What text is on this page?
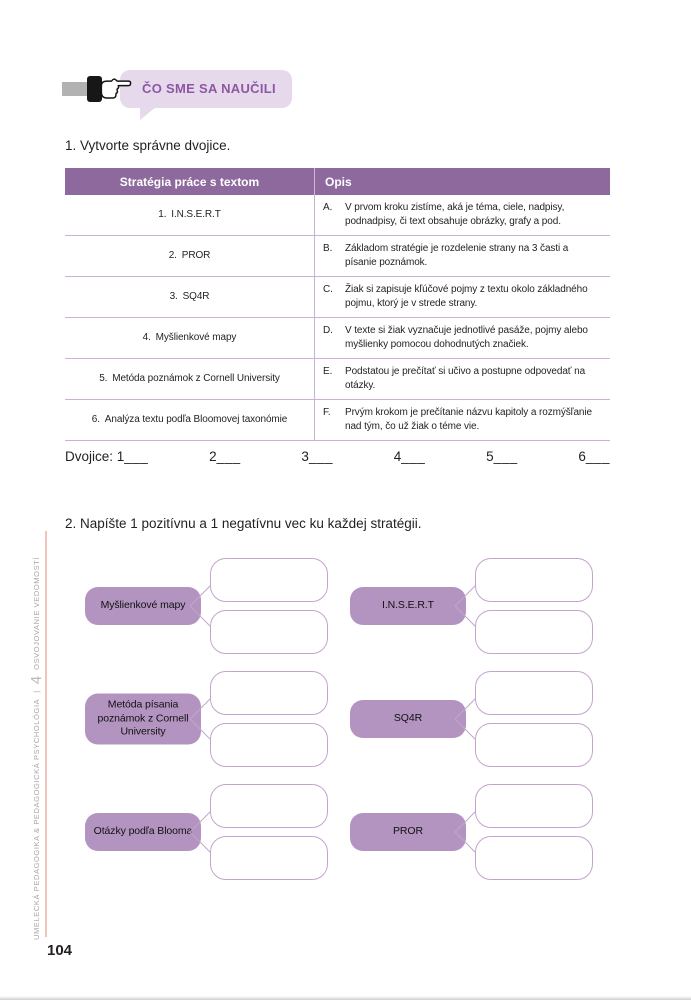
ČO SME SA NAUČILI
1. Vytvorte správne dvojice.
Stratégia práce s textom	Opis
1. I.N.S.E.R.T	A. V prvom kroku zistíme, aká je téma, ciele, nadpisy, podnadpisy, či text obsahuje obrázky, grafy a pod.

2. PROR	B. Základom stratégie je rozdelenie strany na 3 časti a písanie poznámok.

3. SQ4R	C. Žiak si zapisuje kľúčové pojmy z textu okolo základného pojmu, ktorý je v strede strany.

4. Myšlienkové mapy	D. V texte si žiak vyznačuje jednotlivé pasáže, pojmy alebo myšlienky pomocou dohodnutých značiek.

5. Metóda poznámok z Cornell University	E. Podstatou je prečítať si učivo a postupne odpovedať na otázky.

6. Analýza textu podľa Bloomovej taxonómie	F. Prvým krokom je prečítanie názvu kapitoly a rozmýšľanie nad tým, čo už žiak o téme vie.
Dvojice: 1___	2___	3___	4___	5___	6___
2. Napíšte 1 pozitívnu a 1 negatívnu vec ku každej stratégii.
Myšlienkové mapy	I.N.S.E.R.T
Metóda písania poznámok z Cornell University
SQ4R
Otázky podľa Blooma	PROR
UMELECKÁ PEDAGOGIKA & PEDAGOGICKÁ PSYCHOLÓGIA
|
4
OSVOJOVANIE VEDOMOSTÍ
104
